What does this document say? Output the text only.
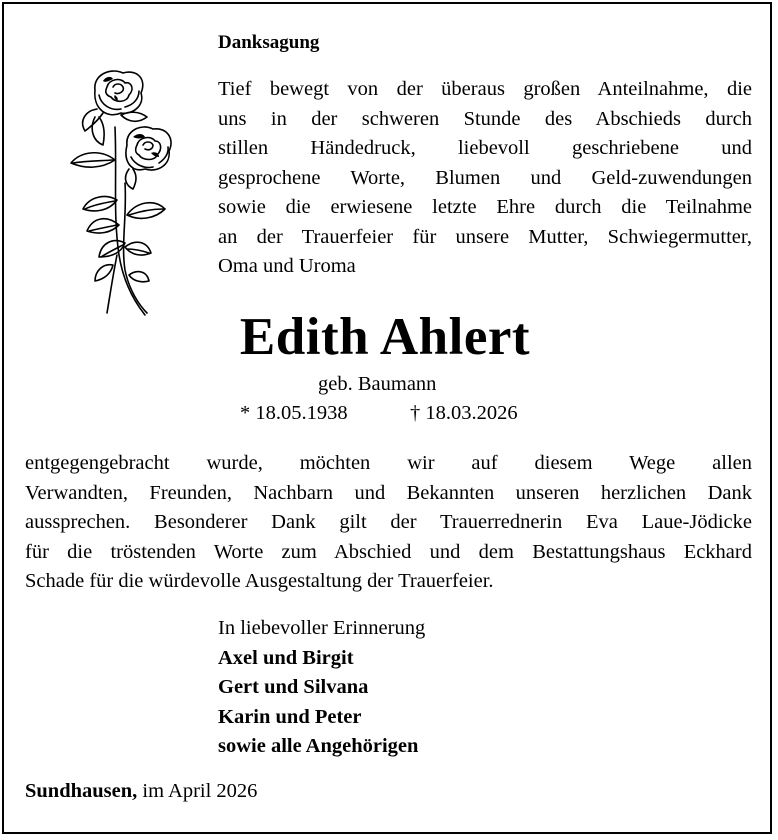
Danksagung
Tief bewegt von der überaus großen Anteilnahme, die
uns in der schweren Stunde des Abschieds durch
stillen Händedruck, liebevoll geschriebene und
gesprochene Worte, Blumen und Geld-zuwendungen
sowie die erwiesene letzte Ehre durch die Teilnahme
an der Trauerfeier für unsere Mutter, Schwiegermutter,
Oma und Uroma
Edith Ahlert
geb. Baumann
* 18.05.1938	† 18.03.2026
entgegengebracht wurde, möchten wir auf diesem Wege allen
Verwandten, Freunden, Nachbarn und Bekannten unseren herzlichen Dank
aussprechen. Besonderer Dank gilt der Trauerrednerin Eva Laue-Jödicke
für die tröstenden Worte zum Abschied und dem Bestattungshaus Eckhard
Schade für die würdevolle Ausgestaltung der Trauerfeier.
In liebevoller Erinnerung
Axel und Birgit
Gert und Silvana
Karin und Peter
sowie alle Angehörigen
Sundhausen, im April 2026
